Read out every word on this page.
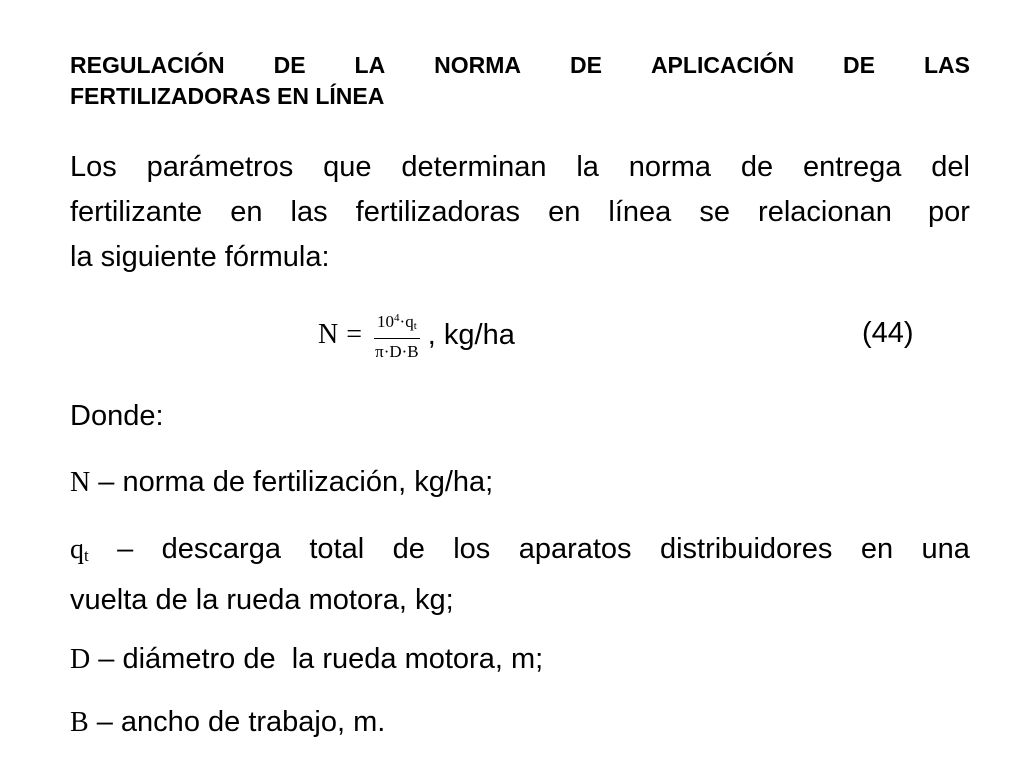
REGULACIÓN DE LA NORMA DE APLICACIÓN DE LAS
FERTILIZADORAS EN LÍNEA
Los parámetros que determinan la norma de entrega del
fertilizante en las fertilizadoras en línea se relacionan por
la siguiente fórmula:
$N = \frac{10^4\cdot q_t}{\pi\cdot D\cdot B}$ , kg/ha	(44)

Donde:

N – norma de fertilización, kg/ha;

$q_t$ – descarga total de los aparatos distribuidores en una
vuelta de la rueda motora, kg;

D – diámetro de  la rueda motora, m;

B – ancho de trabajo, m.
